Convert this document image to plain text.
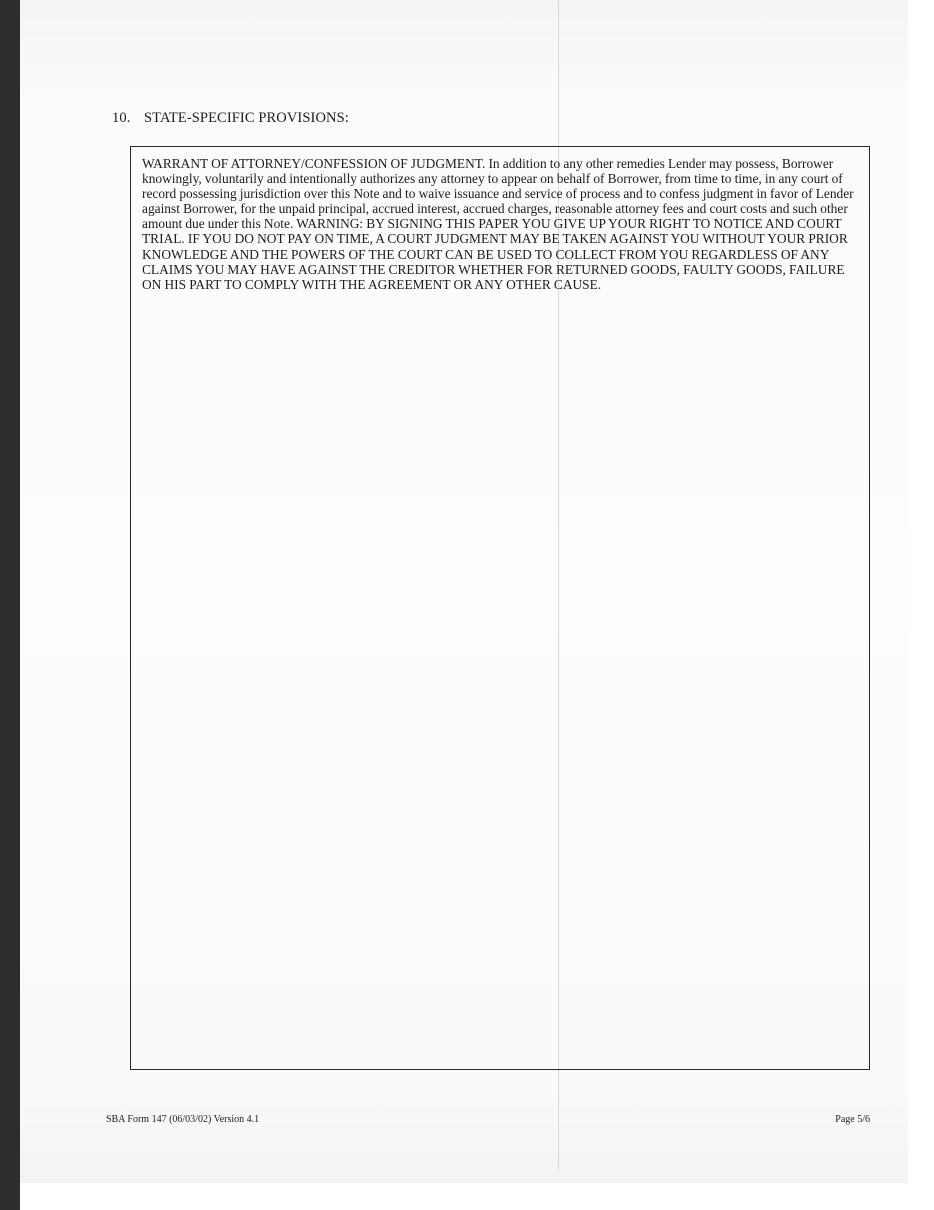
10. STATE-SPECIFIC PROVISIONS:

WARRANT OF ATTORNEY/CONFESSION OF JUDGMENT. In addition to any other remedies Lender may possess, Borrower knowingly, voluntarily and intentionally authorizes any attorney to appear on behalf of Borrower, from time to time, in any court of record possessing jurisdiction over this Note and to waive issuance and service of process and to confess judgment in favor of Lender against Borrower, for the unpaid principal, accrued interest, accrued charges, reasonable attorney fees and court costs and such other amount due under this Note. WARNING: BY SIGNING THIS PAPER YOU GIVE UP YOUR RIGHT TO NOTICE AND COURT TRIAL. IF YOU DO NOT PAY ON TIME, A COURT JUDGMENT MAY BE TAKEN AGAINST YOU WITHOUT YOUR PRIOR KNOWLEDGE AND THE POWERS OF THE COURT CAN BE USED TO COLLECT FROM YOU REGARDLESS OF ANY CLAIMS YOU MAY HAVE AGAINST THE CREDITOR WHETHER FOR RETURNED GOODS, FAULTY GOODS, FAILURE ON HIS PART TO COMPLY WITH THE AGREEMENT OR ANY OTHER CAUSE.

SBA Form 147 (06/03/02) Version 4.1	Page 5/6
